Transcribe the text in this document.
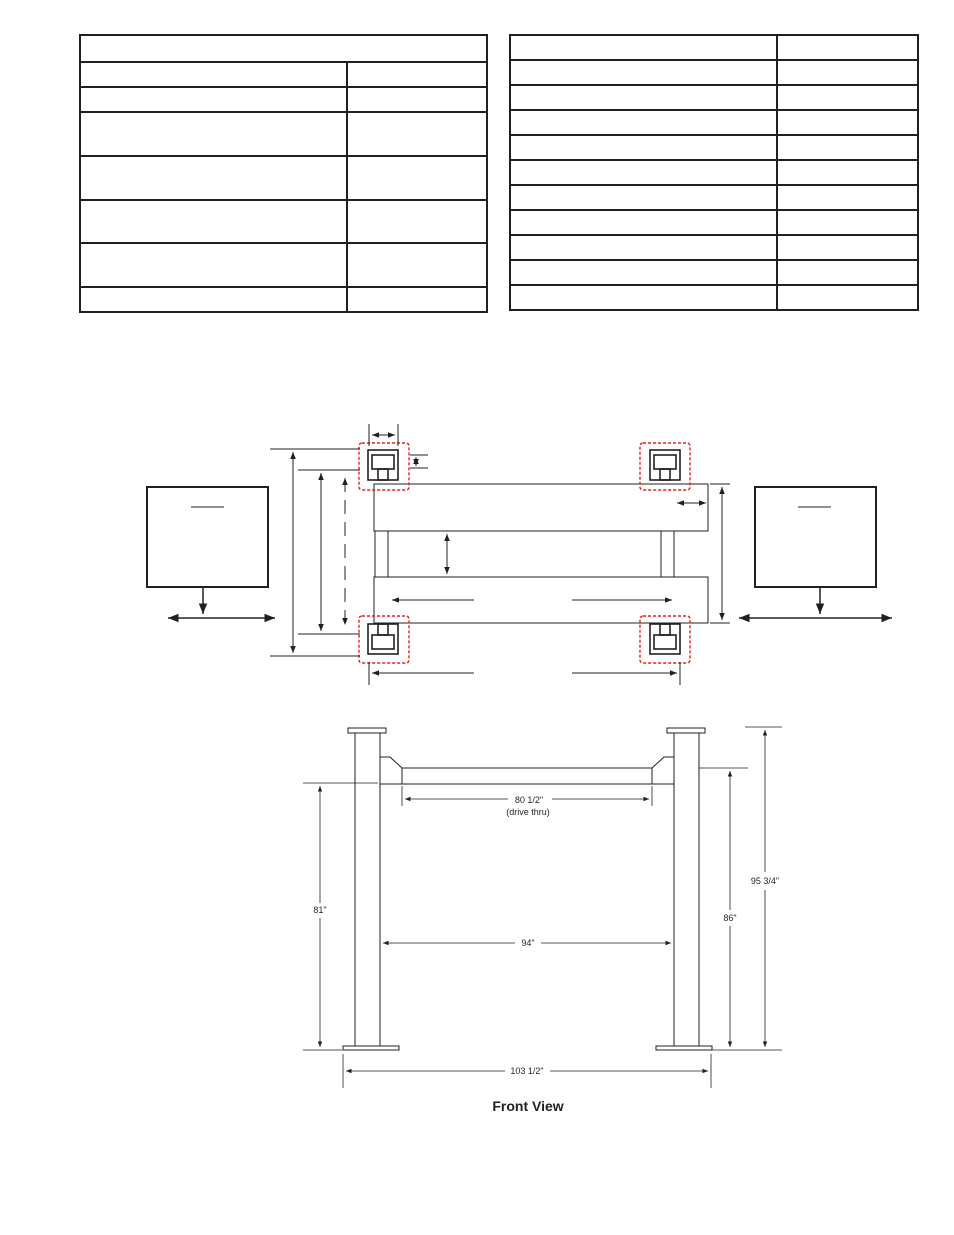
80 1/2"
(drive thru)
94"
81"
86"
95 3/4"
103 1/2"
Front View
